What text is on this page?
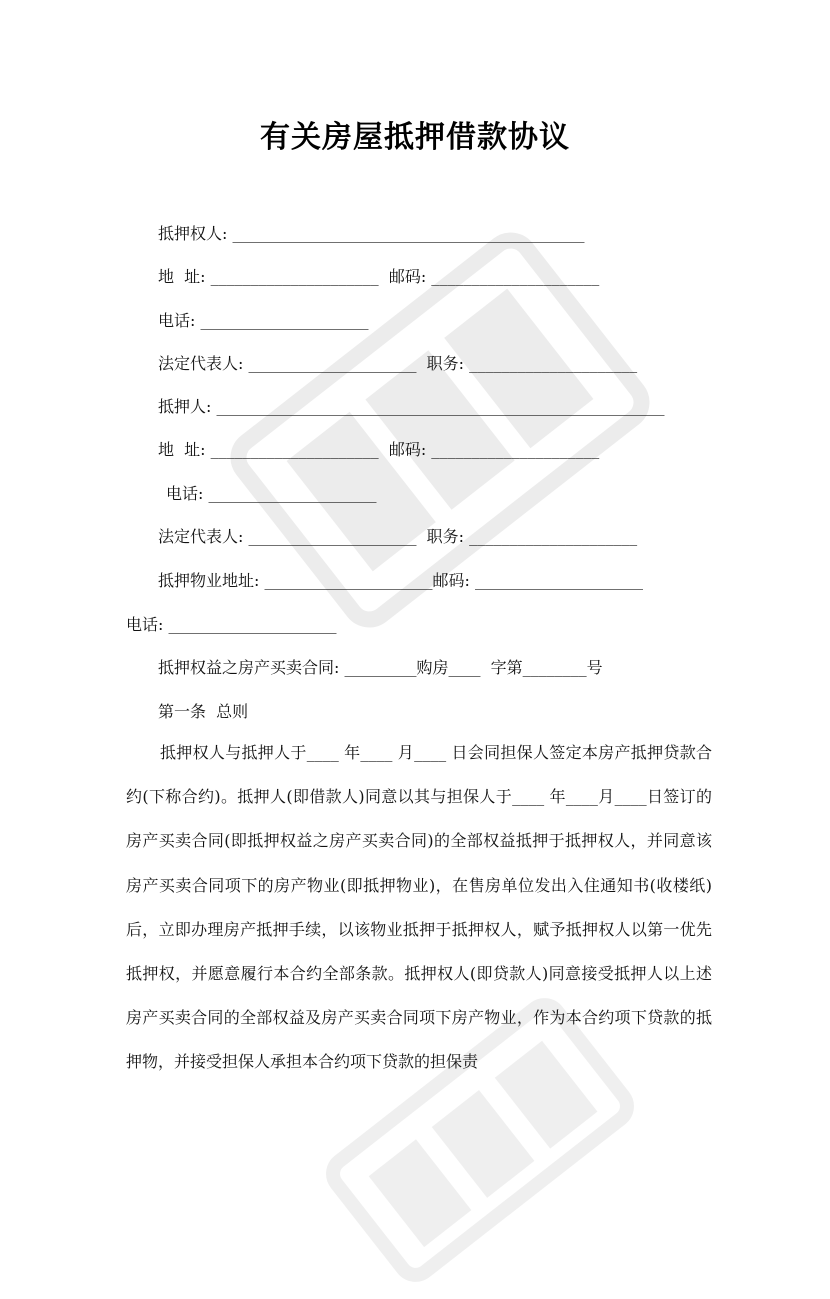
有关房屋抵押借款协议
抵押权人: ____________________________________________
地  址: _____________________  邮码: _____________________
电话: _____________________
法定代表人: _____________________  职务: _____________________
抵押人: ________________________________________________________
地  址: _____________________  邮码: _____________________
电话: _____________________
法定代表人: _____________________  职务: _____________________
抵押物业地址: _____________________邮码: _____________________
电话: _____________________
抵押权益之房产买卖合同: _________购房____  字第________号
第一条  总则
抵押权人与抵押人于____ 年____ 月____ 日会同担保人签定本房产抵押贷款合约(下称合约)。抵押人(即借款人)同意以其与担保人于____ 年____月____日签订的房产买卖合同(即抵押权益之房产买卖合同)的全部权益抵押于抵押权人，并同意该房产买卖合同项下的房产物业(即抵押物业)，在售房单位发出入住通知书(收楼纸)后，立即办理房产抵押手续，以该物业抵押于抵押权人，赋予抵押权人以第一优先抵押权，并愿意履行本合约全部条款。抵押权人(即贷款人)同意接受抵押人以上述房产买卖合同的全部权益及房产买卖合同项下房产物业，作为本合约项下贷款的抵押物，并接受担保人承担本合约项下贷款的担保责
